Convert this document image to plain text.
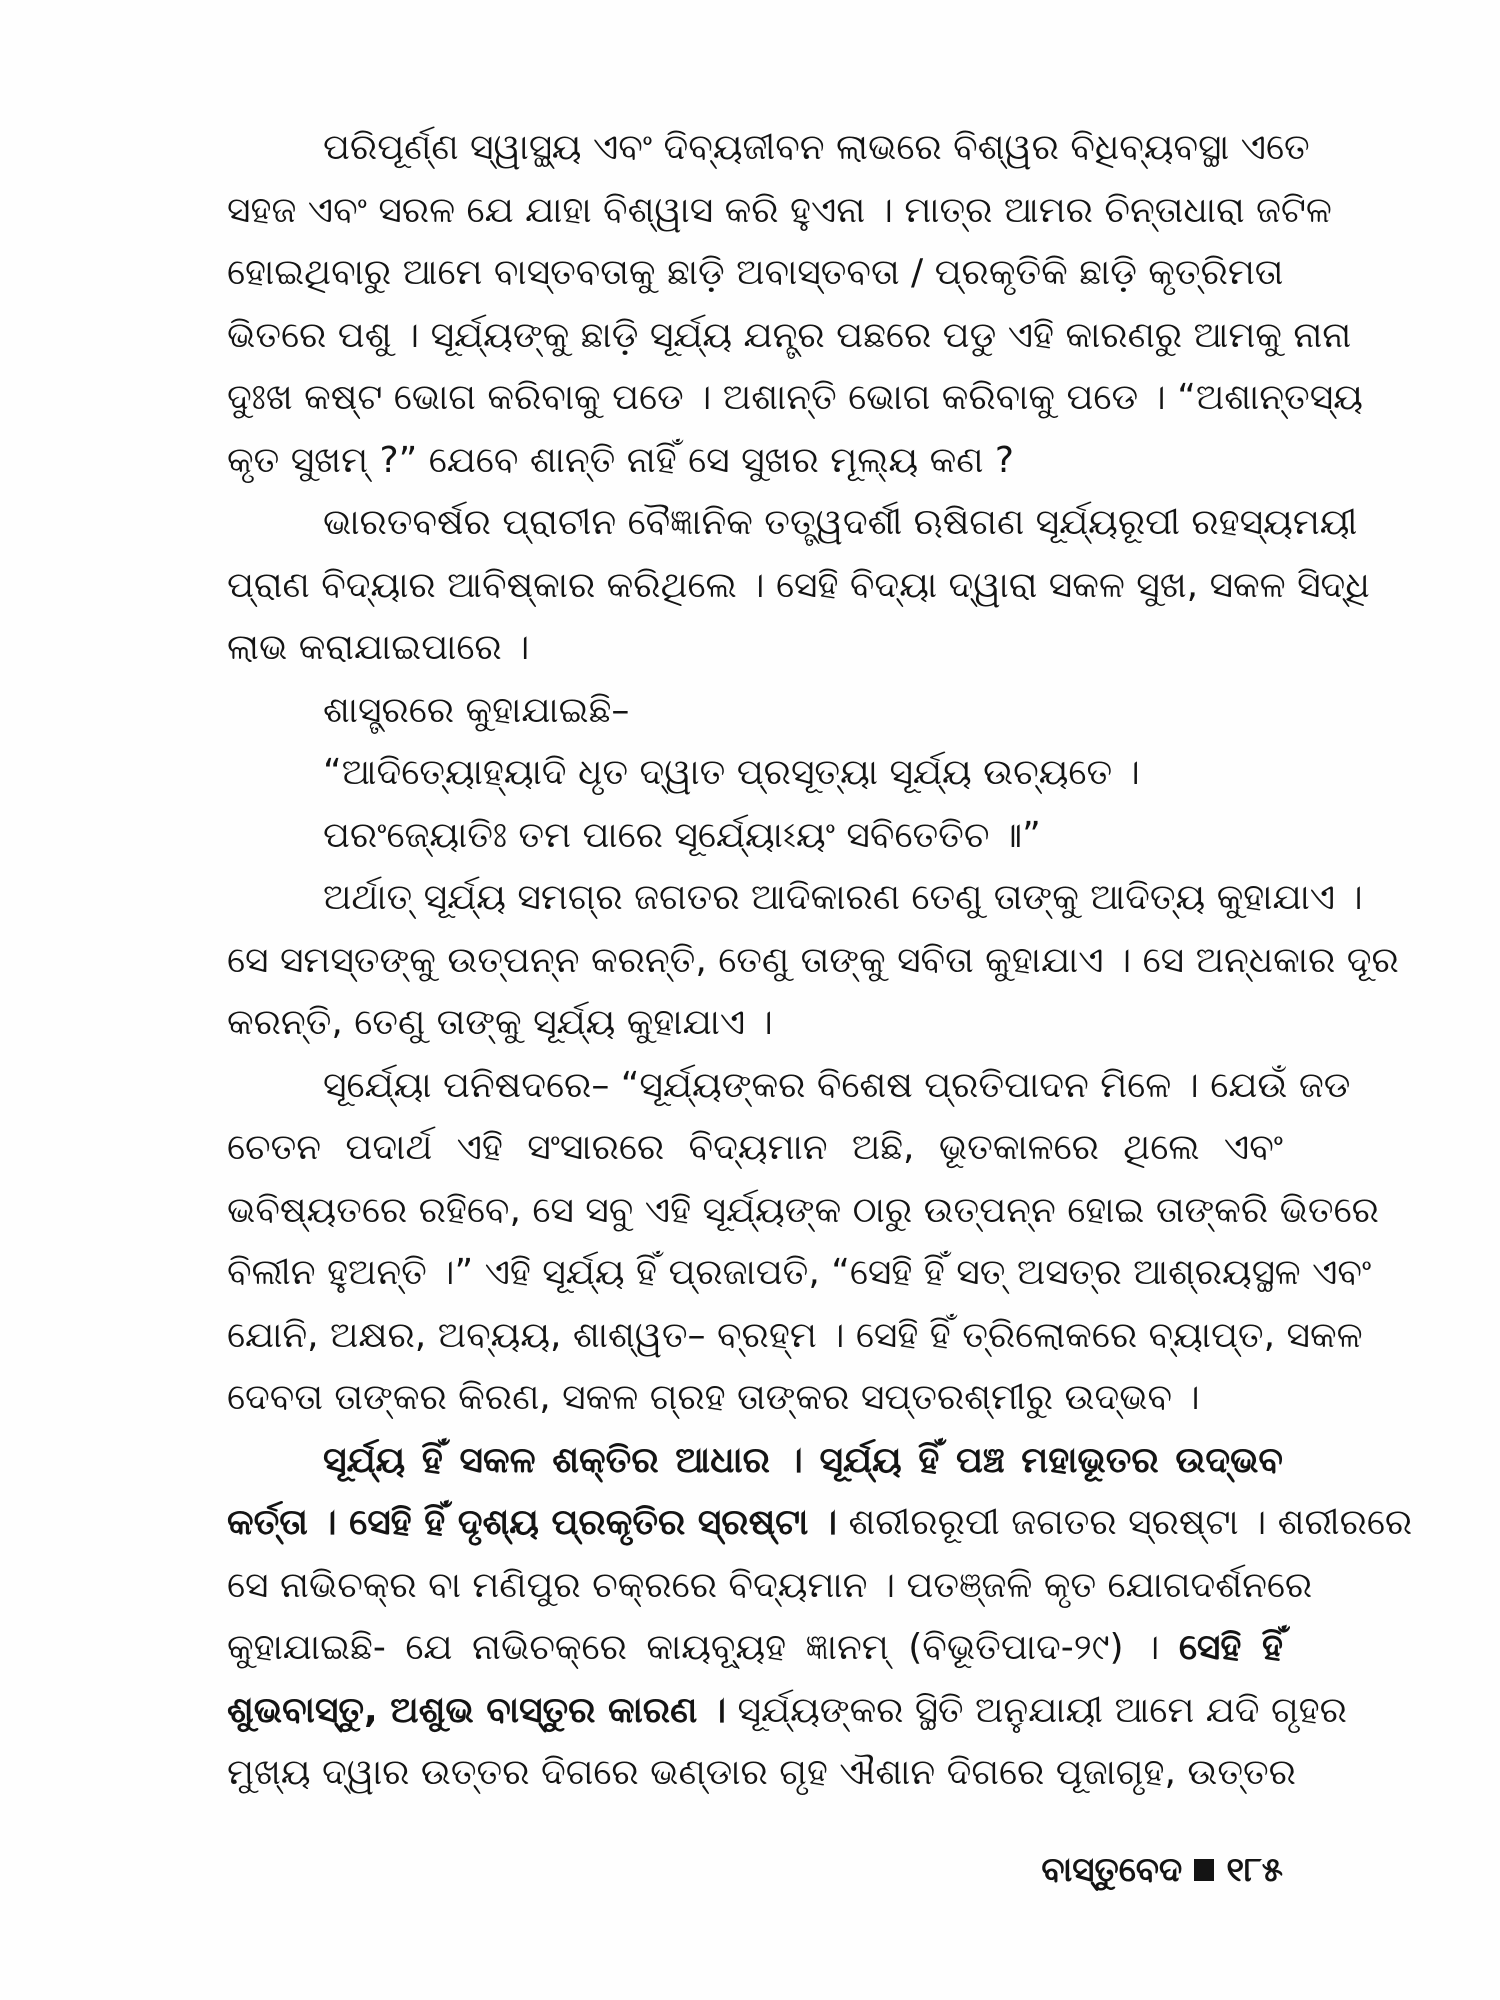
ପରିପୂର୍ଣ୍ଣ ସ୍ୱାସ୍ଥ୍ୟ ଏବଂ ଦିବ୍ୟଜୀବନ ଲାଭରେ ବିଶ୍ୱର ବିଧିବ୍ୟବସ୍ଥା ଏତେ
ସହଜ ଏବଂ ସରଳ ଯେ ଯାହା ବିଶ୍ୱାସ କରି ହୁଏନା । ମାତ୍ର ଆମର ଚିନ୍ତାଧାରା ଜଟିଳ
ହୋଇଥିବାରୁ ଆମେ ବାସ୍ତବତାକୁ ଛାଡ଼ି ଅବାସ୍ତବତା / ପ୍ରକୃତିକି ଛାଡ଼ି କୃତ୍ରିମତା
ଭିତରେ ପଶୁ । ସୂର୍ଯ୍ୟଙ୍କୁ ଛାଡ଼ି ସୂର୍ଯ୍ୟ ଯନ୍ତ୍ର ପଛରେ ପଡୁ ଏହି କାରଣରୁ ଆମକୁ ନାନା
ଦୁଃଖ କଷ୍ଟ ଭୋଗ କରିବାକୁ ପଡେ । ଅଶାନ୍ତି ଭୋଗ କରିବାକୁ ପଡେ । “ଅଶାନ୍ତସ୍ୟ
କୃତ ସୁଖମ୍ ?” ଯେବେ ଶାନ୍ତି ନାହିଁ ସେ ସୁଖର ମୂଲ୍ୟ କଣ ?
ଭାରତବର୍ଷର ପ୍ରାଚୀନ ବୈଜ୍ଞାନିକ ତତ୍ତ୍ୱଦର୍ଶୀ ଋଷିଗଣ ସୂର୍ଯ୍ୟରୂପୀ ରହସ୍ୟମୟୀ
ପ୍ରାଣ ବିଦ୍ୟାର ଆବିଷ୍କାର କରିଥିଲେ । ସେହି ବିଦ୍ୟା ଦ୍ୱାରା ସକଳ ସୁଖ, ସକଳ ସିଦ୍ଧି
ଲାଭ କରାଯାଇପାରେ ।
ଶାସ୍ତ୍ରରେ କୁହାଯାଇଛି–
“ଆଦିତ୍ୟୋହ୍ୟାଦି ଧୃତ ଦ୍ୱାତ ପ୍ରସୂତ୍ୟା ସୂର୍ଯ୍ୟ ଉଚ୍ୟତେ ।
ପରଂଜ୍ୟୋତିଃ ତମ ପାରେ ସୂର୍ଯ୍ୟୋଽୟଂ ସବିତେତିଚ ॥”
ଅର୍ଥାତ୍ ସୂର୍ଯ୍ୟ ସମଗ୍ର ଜଗତର ଆଦିକାରଣ ତେଣୁ ତାଙ୍କୁ ଆଦିତ୍ୟ କୁହାଯାଏ ।
ସେ ସମସ୍ତଙ୍କୁ ଉତ୍ପନ୍ନ କରନ୍ତି, ତେଣୁ ତାଙ୍କୁ ସବିତା କୁହାଯାଏ । ସେ ଅନ୍ଧକାର ଦୂର
କରନ୍ତି, ତେଣୁ ତାଙ୍କୁ ସୂର୍ଯ୍ୟ କୁହାଯାଏ ।
ସୂର୍ଯ୍ୟୋ ପନିଷଦରେ– “ସୂର୍ଯ୍ୟଙ୍କର ବିଶେଷ ପ୍ରତିପାଦନ ମିଳେ । ଯେଉଁ ଜଡ
ଚେତନ ପଦାର୍ଥ ଏହି ସଂସାରରେ ବିଦ୍ୟମାନ ଅଛି, ଭୂତକାଳରେ ଥିଲେ ଏବଂ
ଭବିଷ୍ୟତରେ ରହିବେ, ସେ ସବୁ ଏହି ସୂର୍ଯ୍ୟଙ୍କ ଠାରୁ ଉତ୍ପନ୍ନ ହୋଇ ତାଙ୍କରି ଭିତରେ
ବିଲୀନ ହୁଅନ୍ତି ।” ଏହି ସୂର୍ଯ୍ୟ ହିଁ ପ୍ରଜାପତି, “ସେହି ହିଁ ସତ୍ ଅସତ୍‌ର ଆଶ୍ରୟସ୍ଥଳ ଏବଂ
ଯୋନି, ଅକ୍ଷର, ଅବ୍ୟୟ, ଶାଶ୍ୱତ– ବ୍ରହ୍ମ । ସେହି ହିଁ ତ୍ରିଲୋକରେ ବ୍ୟାପ୍ତ, ସକଳ
ଦେବତା ତାଙ୍କର କିରଣ, ସକଳ ଗ୍ରହ ତାଙ୍କର ସପ୍ତରଶ୍ମୀରୁ ଉଦ୍ଭବ ।
ସୂର୍ଯ୍ୟ ହିଁ ସକଳ ଶକ୍ତିର ଆଧାର । ସୂର୍ଯ୍ୟ ହିଁ ପଞ୍ଚ ମହାଭୂତର ଉଦ୍ଭବ
କର୍ତ୍ତା । ସେହି ହିଁ ଦୃଶ୍ୟ ପ୍ରକୃତିର ସ୍ରଷ୍ଟା । ଶରୀରରୂପୀ ଜଗତର ସ୍ରଷ୍ଟା । ଶରୀରରେ
ସେ ନାଭିଚକ୍ର ବା ମଣିପୁର ଚକ୍ରରେ ବିଦ୍ୟମାନ । ପତଞ୍ଜଳି କୃତ ଯୋଗଦର୍ଶନରେ
କୁହାଯାଇଛି- ଯେ ନାଭିଚକ୍ରେ କାୟବ୍ୟୂହ ଜ୍ଞାନମ୍ (ବିଭୂତିପାଦ-୨୯) । ସେହି ହିଁ
ଶୁଭବାସ୍ତୁ, ଅଶୁଭ ବାସ୍ତୁର କାରଣ । ସୂର୍ଯ୍ୟଙ୍କର ସ୍ଥିତି ଅନୁଯାୟୀ ଆମେ ଯଦି ଗୃହର
ମୁଖ୍ୟ ଦ୍ୱାର ଉତ୍ତର ଦିଗରେ ଭଣ୍ଡାର ଗୃହ ଐଶାନ ଦିଗରେ ପୂଜାଗୃହ, ଉତ୍ତର
ବାସ୍ତୁବେଦ ୧୮୫
